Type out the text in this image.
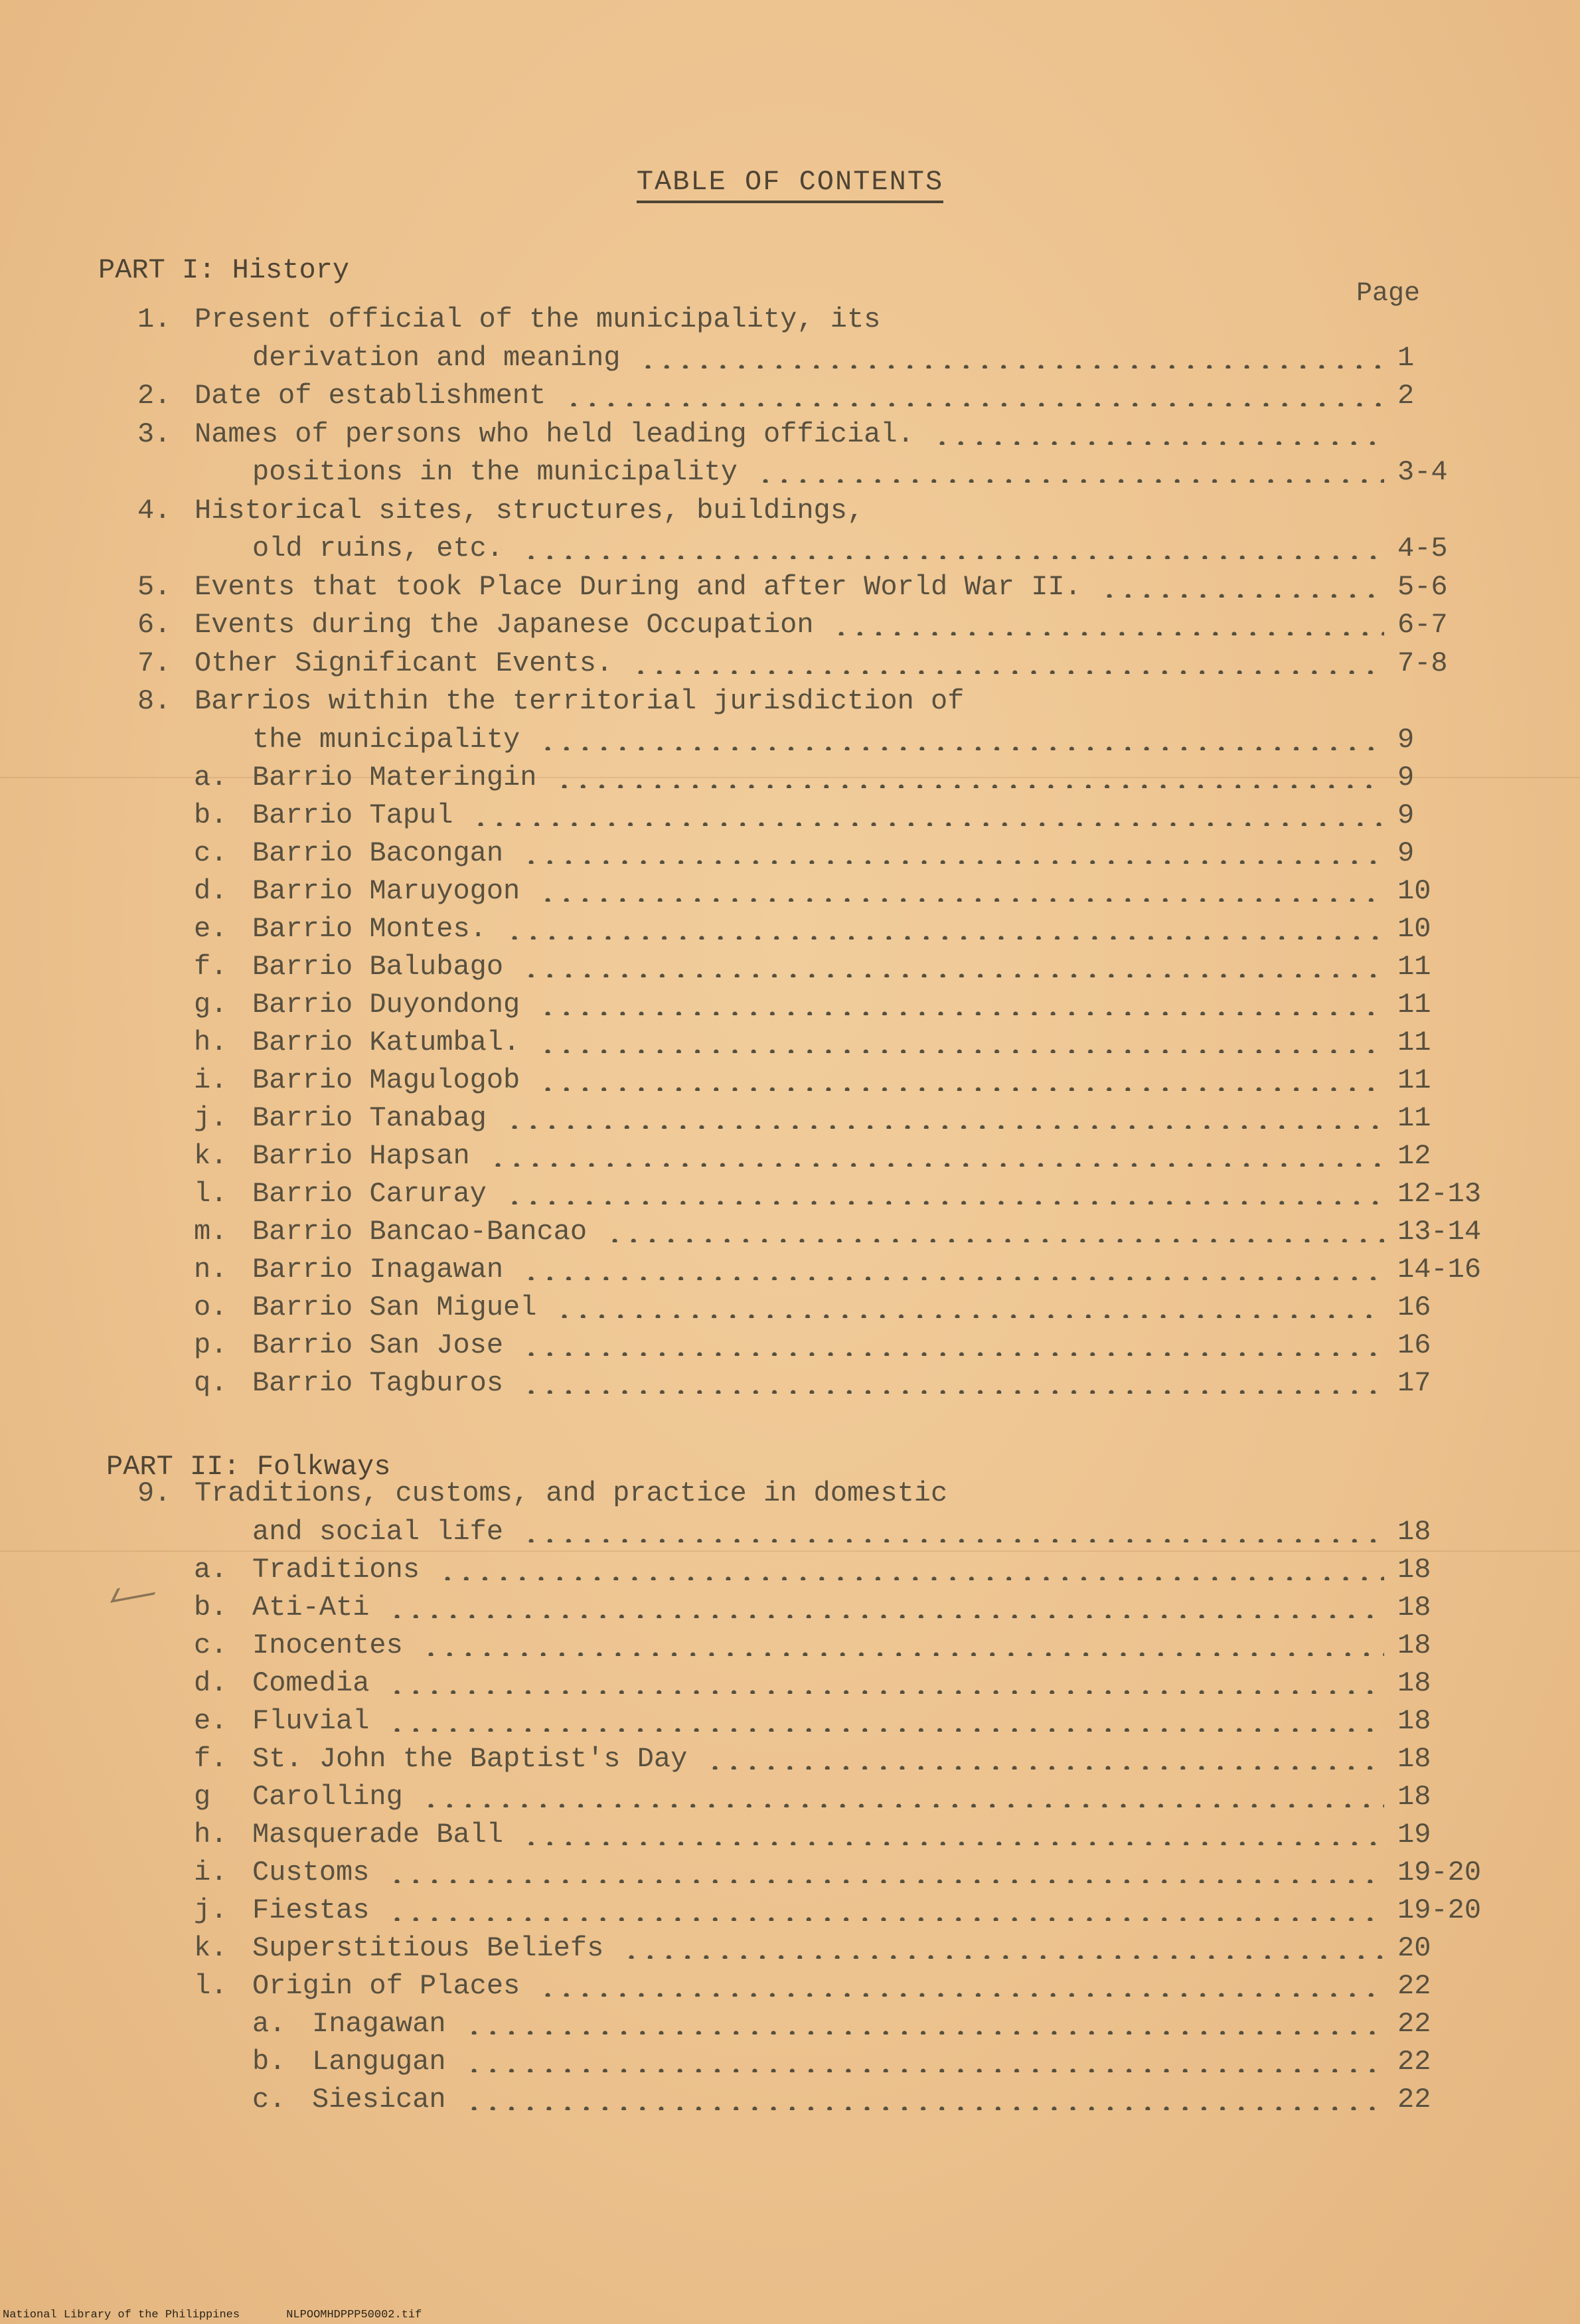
TABLE OF CONTENTS
PART I: History
Page
PART II: Folkways
1. Present official of the municipality, its
derivation and meaning	1
2. Date of establishment	2
3. Names of persons who held leading official.
positions in the municipality	3-4
4. Historical sites, structures, buildings,
old ruins, etc.	4-5
5. Events that took Place During and after World War II.	5-6
6. Events during the Japanese Occupation	6-7
7. Other Significant Events.	7-8
8. Barrios within the territorial jurisdiction of
the municipality	9
a. Barrio Materingin	9
b. Barrio Tapul	9
c. Barrio Bacongan	9
d. Barrio Maruyogon	10
e. Barrio Montes.	10
f. Barrio Balubago	11
g. Barrio Duyondong	11
h. Barrio Katumbal.	11
i. Barrio Magulogob	11
j. Barrio Tanabag	11
k. Barrio Hapsan	12
l. Barrio Caruray	12-13
m. Barrio Bancao-Bancao	13-14
n. Barrio Inagawan	14-16
o. Barrio San Miguel	16
p. Barrio San Jose	16
q. Barrio Tagburos	17
9. Traditions, customs, and practice in domestic
and social life	18
a. Traditions	18
b. Ati-Ati	18
c. Inocentes	18
d. Comedia	18
e. Fluvial	18
f. St. John the Baptist's Day	18
g Carolling	18
h. Masquerade Ball	19
i. Customs	19-20
j. Fiestas	19-20
k. Superstitious Beliefs	20
l. Origin of Places	22
a. Inagawan	22
b. Langugan	22
c. Siesican	22
National Library of the Philippines	NLPOOMHDPPP50002.tif
